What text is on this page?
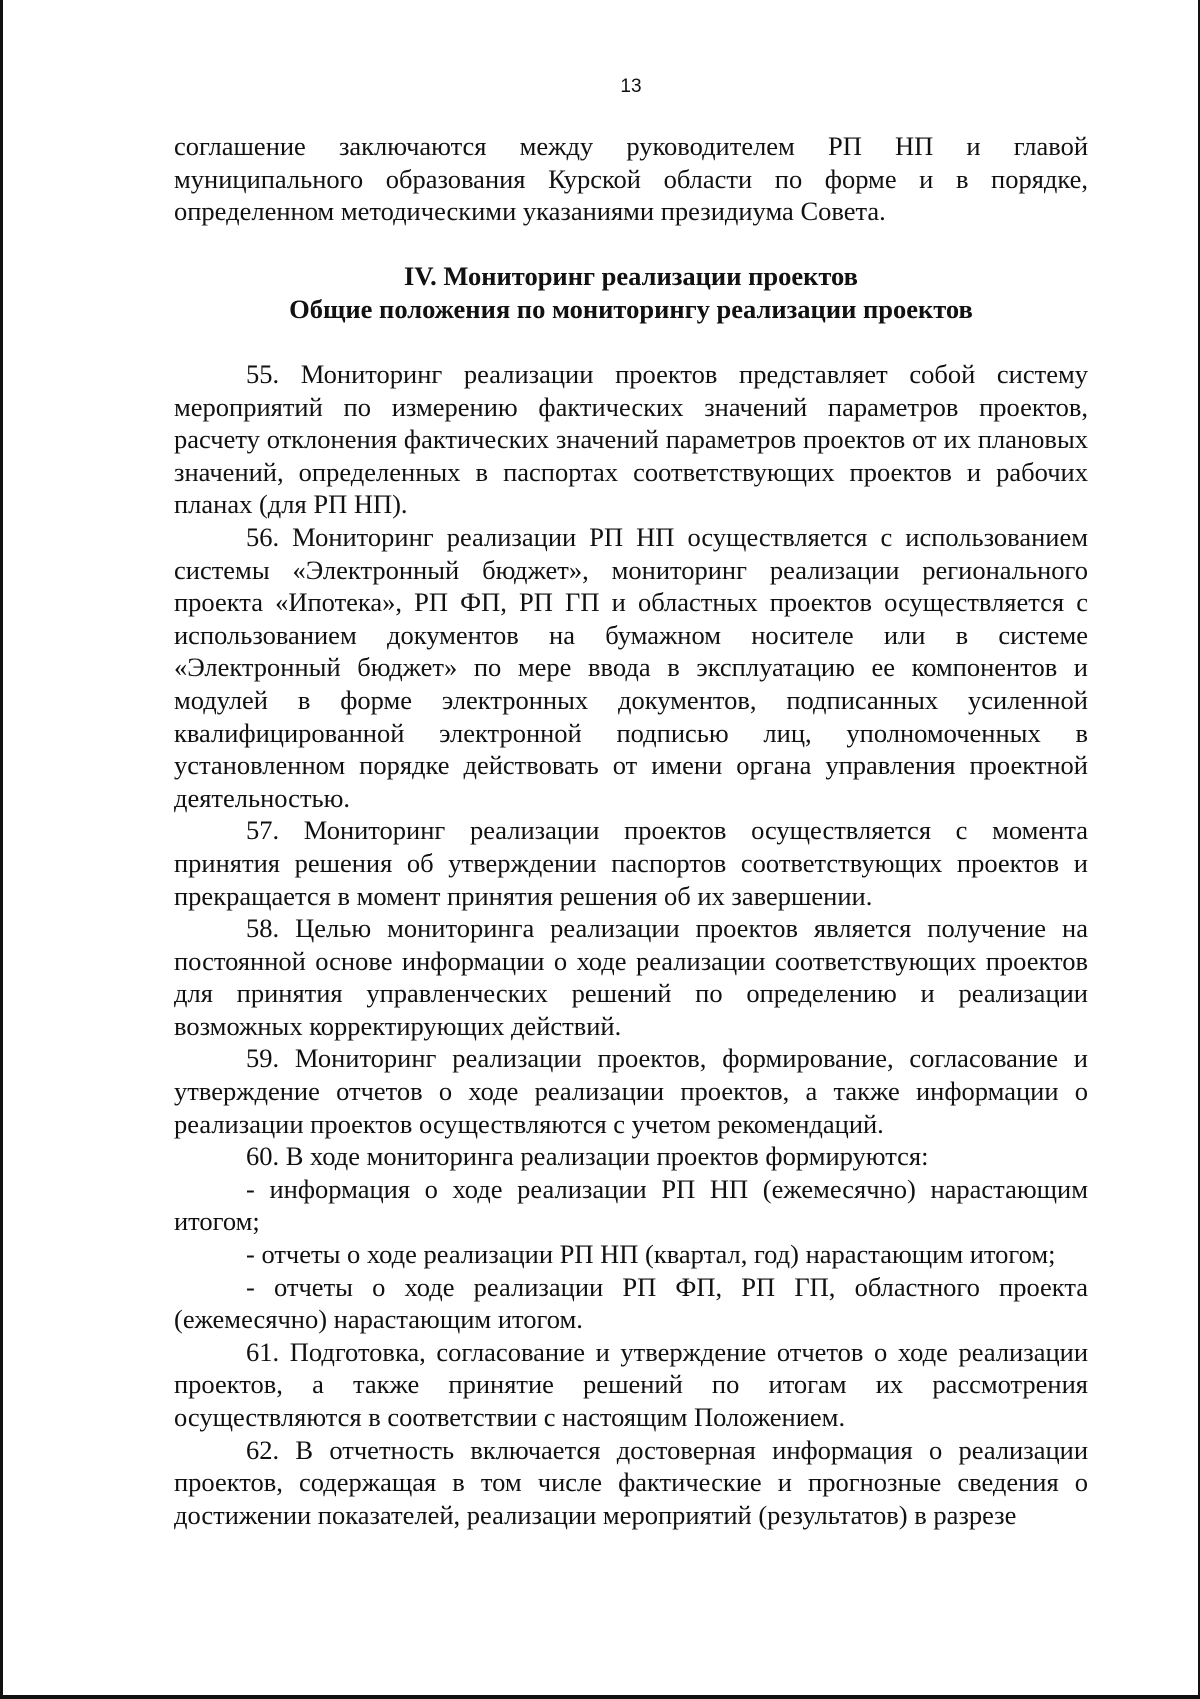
13

соглашение заключаются между руководителем РП НП и главой муниципального образования Курской области по форме и в порядке, определенном методическими указаниями президиума Совета.

IV. Мониторинг реализации проектов
Общие положения по мониторингу реализации проектов

55. Мониторинг реализации проектов представляет собой систему мероприятий по измерению фактических значений параметров проектов, расчету отклонения фактических значений параметров проектов от их плановых значений, определенных в паспортах соответствующих проектов и рабочих планах (для РП НП).

56. Мониторинг реализации РП НП осуществляется с использованием системы «Электронный бюджет», мониторинг реализации регионального проекта «Ипотека», РП ФП, РП ГП и областных проектов осуществляется с использованием документов на бумажном носителе или в системе «Электронный бюджет» по мере ввода в эксплуатацию ее компонентов и модулей в форме электронных документов, подписанных усиленной квалифицированной электронной подписью лиц, уполномоченных в установленном порядке действовать от имени органа управления проектной деятельностью.

57. Мониторинг реализации проектов осуществляется с момента принятия решения об утверждении паспортов соответствующих проектов и прекращается в момент принятия решения об их завершении.

58. Целью мониторинга реализации проектов является получение на постоянной основе информации о ходе реализации соответствующих проектов для принятия управленческих решений по определению и реализации возможных корректирующих действий.

59. Мониторинг реализации проектов, формирование, согласование и утверждение отчетов о ходе реализации проектов, а также информации о реализации проектов осуществляются с учетом рекомендаций.

60. В ходе мониторинга реализации проектов формируются:

- информация о ходе реализации РП НП (ежемесячно) нарастающим итогом;

- отчеты о ходе реализации РП НП (квартал, год) нарастающим итогом;

- отчеты о ходе реализации РП ФП, РП ГП, областного проекта (ежемесячно) нарастающим итогом.

61. Подготовка, согласование и утверждение отчетов о ходе реализации проектов, а также принятие решений по итогам их рассмотрения осуществляются в соответствии с настоящим Положением.

62. В отчетность включается достоверная информация о реализации проектов, содержащая в том числе фактические и прогнозные сведения о достижении показателей, реализации мероприятий (результатов) в разрезе
